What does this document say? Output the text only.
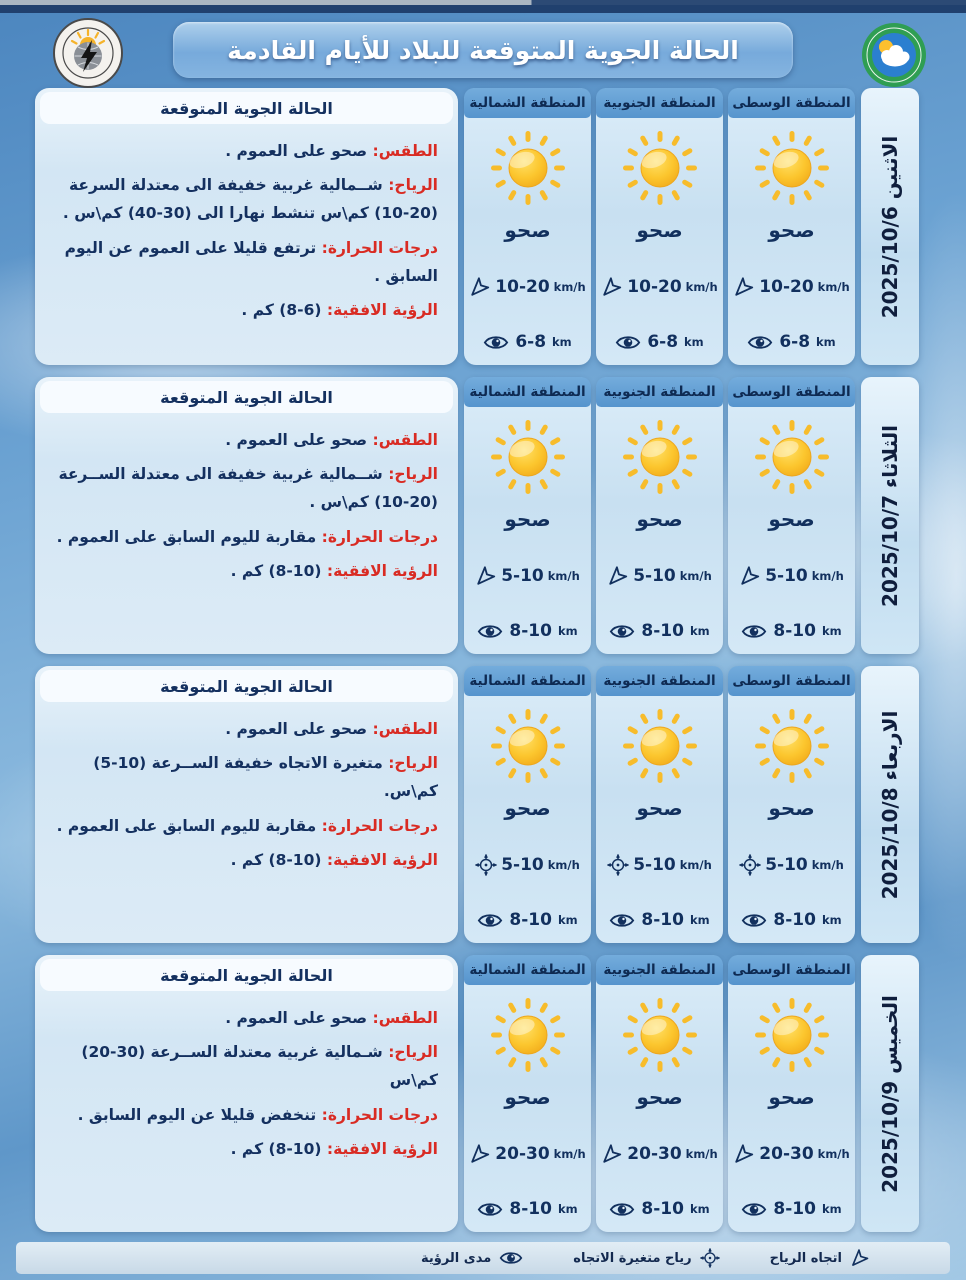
الحالة الجوية المتوقعة للبلاد للأيام القادمة
الحالة الجوية المتوقعة
الطقس: صحو على العموم .
الرياح: شــمالية غربية خفيفة الى معتدلة السرعة (20-10) كم\س تنشط نهارا الى (30-40) كم\س .
درجات الحرارة: ترتفع قليلا على العموم عن اليوم السابق .
الرؤية الافقية: (6-8) كم .
المنطقة الشمالية
صحو
10-20 km/h
6-8 km
المنطقة الجنوبية
صحو
10-20 km/h
6-8 km
المنطقة الوسطى
صحو
10-20 km/h
6-8 km
الاثنين 2025/10/6
الحالة الجوية المتوقعة
الطقس: صحو على العموم .
الرياح: شــمالية غربية خفيفة الى معتدلة الســرعة (20-10) كم\س .
درجات الحرارة: مقاربة لليوم السابق على العموم .
الرؤية الافقية: (10-8) كم .
المنطقة الشمالية
صحو
5-10 km/h
8-10 km
المنطقة الجنوبية
صحو
5-10 km/h
8-10 km
المنطقة الوسطى
صحو
5-10 km/h
8-10 km
الثلاثاء 2025/10/7
الحالة الجوية المتوقعة
الطقس: صحو على العموم .
الرياح: متغيرة الاتجاه خفيفة الســرعة (10-5) كم\س.
درجات الحرارة: مقاربة لليوم السابق على العموم .
الرؤية الافقية: (10-8) كم .
المنطقة الشمالية
صحو
5-10 km/h
8-10 km
المنطقة الجنوبية
صحو
5-10 km/h
8-10 km
المنطقة الوسطى
صحو
5-10 km/h
8-10 km
الاربعاء 2025/10/8
الحالة الجوية المتوقعة
الطقس: صحو على العموم .
الرياح: شـمالية غربية معتدلة الســرعة (30-20) كم\س
درجات الحرارة: تنخفض قليلا عن اليوم السابق .
الرؤية الافقية: (10-8) كم .
المنطقة الشمالية
صحو
20-30 km/h
8-10 km
المنطقة الجنوبية
صحو
20-30 km/h
8-10 km
المنطقة الوسطى
صحو
20-30 km/h
8-10 km
الخميس 2025/10/9
اتجاه الرياح
رياح متغيرة الاتجاه
مدى الرؤية
